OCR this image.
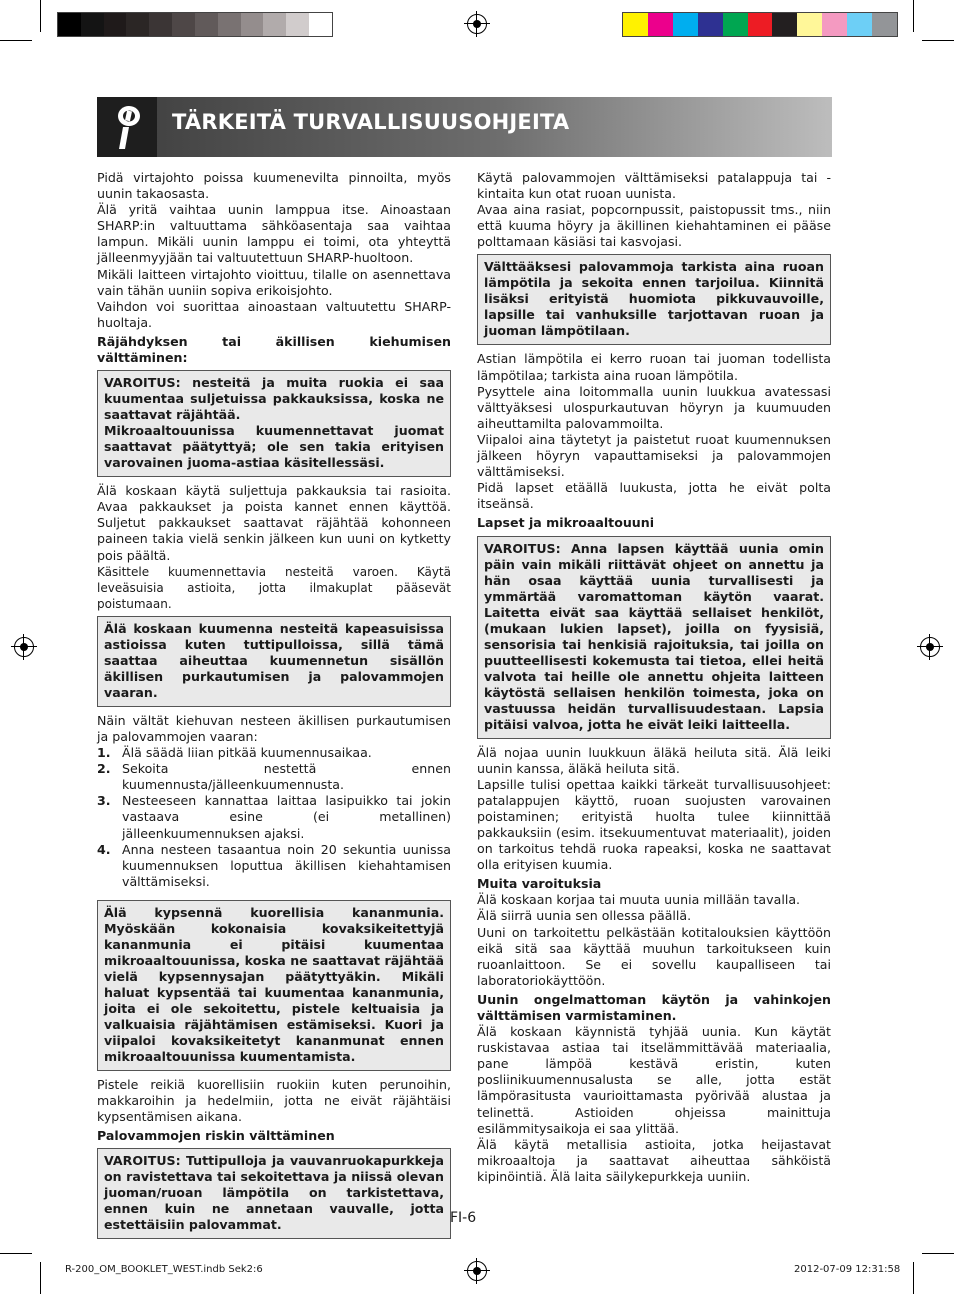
TÄRKEITÄ TURVALLISUUSOHJEITA

Pidä virtajohto poissa kuumenevilta pinnoilta, myös uunin takaosasta.

Älä yritä vaihtaa uunin lamppua itse. Ainoastaan SHARP:in valtuuttama sähköasentaja saa vaihtaa lampun. Mikäli uunin lamppu ei toimi, ota yhteyttä jälleenmyyjään tai valtuutettuun SHARP-huoltoon.

Mikäli laitteen virtajohto vioittuu, tilalle on asennettava vain tähän uuniin sopiva erikoisjohto.

Vaihdon voi suorittaa ainoastaan valtuutettu SHARP-huoltaja.

Räjähdyksen tai äkillisen kiehumisen välttäminen:

VAROITUS: nesteitä ja muita ruokia ei saa kuumentaa suljetuissa pakkauksissa, koska ne saattavat räjähtää.

Mikroaaltouunissa kuumennettavat juomat saattavat päätyttyä; ole sen takia erityisen varovainen juoma-astiaa käsitellessäsi.

Älä koskaan käytä suljettuja pakkauksia tai rasioita. Avaa pakkaukset ja poista kannet ennen käyttöä. Suljetut pakkaukset saattavat räjähtää kohonneen paineen takia vielä senkin jälkeen kun uuni on kytketty pois päältä.

Käsittele kuumennettavia nesteitä varoen. Käytä leveäsuisia astioita, jotta ilmakuplat pääsevät poistumaan.

Älä koskaan kuumenna nesteitä kapeasuisissa astioissa kuten tuttipulloissa, sillä tämä saattaa aiheuttaa kuumennetun sisällön äkillisen purkautumisen ja palovammojen vaaran.

Näin vältät kiehuvan nesteen äkillisen purkautumisen ja palovammojen vaaran:

1. Älä säädä liian pitkää kuumennusaikaa.
2. Sekoita nestettä ennen kuumennusta/jälleenkuumennusta.
3. Nesteeseen kannattaa laittaa lasipuikko tai jokin vastaava esine (ei metallinen) jälleenkuumennuksen ajaksi.
4. Anna nesteen tasaantua noin 20 sekuntia uunissa kuumennuksen loputtua äkillisen kiehahtamisen välttämiseksi.

Älä kypsennä kuorellisia kananmunia. Myöskään kokonaisia kovaksikeitettyjä kananmunia ei pitäisi kuumentaa mikroaaltouunissa, koska ne saattavat räjähtää vielä kypsennysajan päätyttyäkin. Mikäli haluat kypsentää tai kuumentaa kananmunia, joita ei ole sekoitettu, pistele keltuaisia ja valkuaisia räjähtämisen estämiseksi. Kuori ja viipaloi kovaksikeitetyt kananmunat ennen mikroaaltouunissa kuumentamista.

Pistele reikiä kuorellisiin ruokiin kuten perunoihin, makkaroihin ja hedelmiin, jotta ne eivät räjähtäisi kypsentämisen aikana.

Palovammojen riskin välttäminen

VAROITUS: Tuttipulloja ja vauvanruokapurkkeja on ravistettava tai sekoitettava ja niissä olevan juoman/ruoan lämpötila on tarkistettava, ennen kuin ne annetaan vauvalle, jotta estettäisiin palovammat.

Käytä palovammojen välttämiseksi patalappuja tai -kintaita kun otat ruoan uunista.

Avaa aina rasiat, popcornpussit, paistopussit tms., niin että kuuma höyry ja äkillinen kiehahtaminen ei pääse polttamaan käsiäsi tai kasvojasi.

Välttääksesi palovammoja tarkista aina ruoan lämpötila ja sekoita ennen tarjoilua. Kiinnitä lisäksi erityistä huomiota pikkuvauvoille, lapsille tai vanhuksille tarjottavan ruoan ja juoman lämpötilaan.

Astian lämpötila ei kerro ruoan tai juoman todellista lämpötilaa; tarkista aina ruoan lämpötila.

Pysyttele aina loitommalla uunin luukkua avatessasi välttyäksesi ulospurkautuvan höyryn ja kuumuuden aiheuttamilta palovammoilta.

Viipaloi aina täytetyt ja paistetut ruoat kuumennuksen jälkeen höyryn vapauttamiseksi ja palovammojen välttämiseksi.

Pidä lapset etäällä luukusta, jotta he eivät polta itseänsä.

Lapset ja mikroaaltouuni

VAROITUS: Anna lapsen käyttää uunia omin päin vain mikäli riittävät ohjeet on annettu ja hän osaa käyttää uunia turvallisesti ja ymmärtää varomattoman käytön vaarat. Laitetta eivät saa käyttää sellaiset henkilöt, (mukaan lukien lapset), joilla on fyysisiä, sensorisia tai henkisiä rajoituksia, tai joilla on puutteellisesti kokemusta tai tietoa, ellei heitä valvota tai heille ole annettu ohjeita laitteen käytöstä sellaisen henkilön toimesta, joka on vastuussa heidän turvallisuudestaan. Lapsia pitäisi valvoa, jotta he eivät leiki laitteella.

Älä nojaa uunin luukkuun äläkä heiluta sitä. Älä leiki uunin kanssa, äläkä heiluta sitä.

Lapsille tulisi opettaa kaikki tärkeät turvallisuusohjeet: patalappujen käyttö, ruoan suojusten varovainen poistaminen; erityistä huolta tulee kiinnittää pakkauksiin (esim. itsekuumentuvat materiaalit), joiden on tarkoitus tehdä ruoka rapeaksi, koska ne saattavat olla erityisen kuumia.

Muita varoituksia

Älä koskaan korjaa tai muuta uunia millään tavalla.

Älä siirrä uunia sen ollessa päällä.

Uuni on tarkoitettu pelkästään kotitalouksien käyttöön eikä sitä saa käyttää muuhun tarkoitukseen kuin ruoanlaittoon. Se ei sovellu kaupalliseen tai laboratoriokäyttöön.

Uunin ongelmattoman käytön ja vahinkojen välttämisen varmistaminen.

Älä koskaan käynnistä tyhjää uunia. Kun käytät ruskistavaa astiaa tai itselämmittävää materiaalia, pane lämpöä kestävä eristin, kuten posliinikuumennusalusta se alle, jotta estät lämpörasitusta vaurioittamasta pyörivää alustaa ja telinettä. Astioiden ohjeissa mainittuja esilämmitysaikoja ei saa ylittää.

Älä käytä metallisia astioita, jotka heijastavat mikroaaltoja ja saattavat aiheuttaa sähköistä kipinöintiä. Älä laita säilykepurkkeja uuniin.

FI-6
R-200_OM_BOOKLET_WEST.indb Sek2:6	2012-07-09 12:31:58
